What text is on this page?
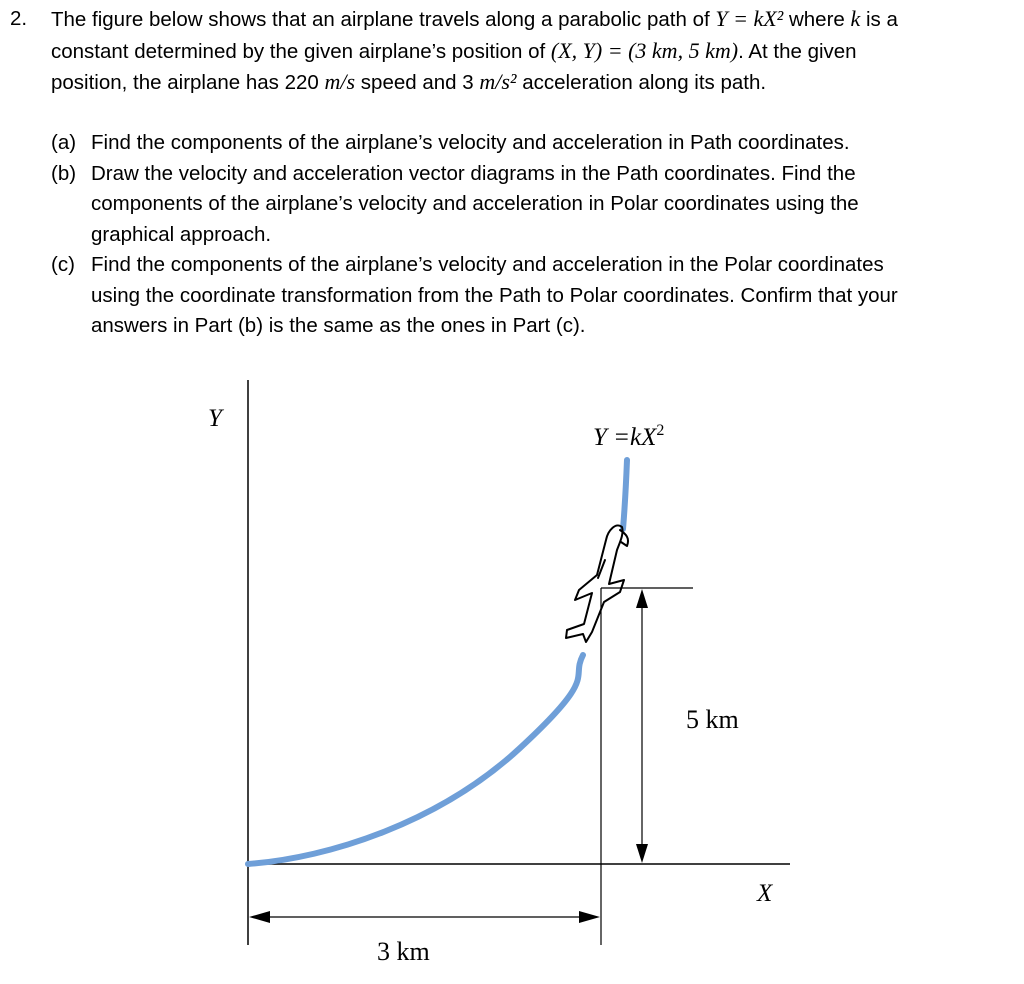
2. The figure below shows that an airplane travels along a parabolic path of Y = kX² where k is a
constant determined by the given airplane’s position of (X, Y) = (3 km, 5 km). At the given
position, the airplane has 220 m/s speed and 3 m/s² acceleration along its path.
(a) Find the components of the airplane’s velocity and acceleration in Path coordinates.
(b) Draw the velocity and acceleration vector diagrams in the Path coordinates. Find the
components of the airplane’s velocity and acceleration in Polar coordinates using the
graphical approach.
(c) Find the components of the airplane’s velocity and acceleration in the Polar coordinates
using the coordinate transformation from the Path to Polar coordinates. Confirm that your
answers in Part (b) is the same as the ones in Part (c).
Y
X
$Y =kX^2$
5 km
3 km
